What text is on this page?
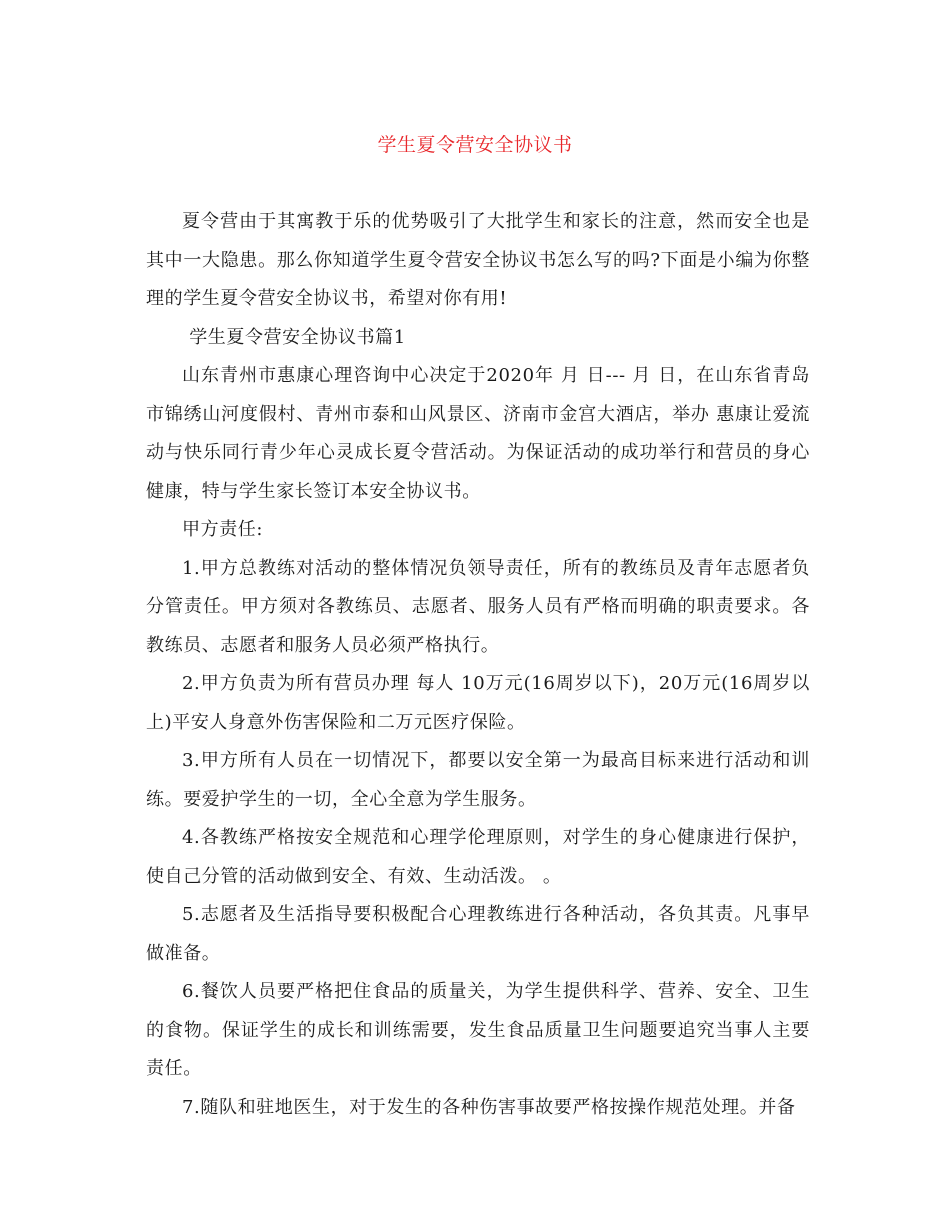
学生夏令营安全协议书

夏令营由于其寓教于乐的优势吸引了大批学生和家长的注意，然而安全也是其中一大隐患。那么你知道学生夏令营安全协议书怎么写的吗?下面是小编为你整理的学生夏令营安全协议书，希望对你有用!

学生夏令营安全协议书篇1

山东青州市惠康心理咨询中心决定于2020年 月 日--- 月 日，在山东省青岛市锦绣山河度假村、青州市泰和山风景区、济南市金宫大酒店，举办 惠康让爱流动与快乐同行青少年心灵成长夏令营活动。为保证活动的成功举行和营员的身心健康，特与学生家长签订本安全协议书。

甲方责任:

1.甲方总教练对活动的整体情况负领导责任，所有的教练员及青年志愿者负分管责任。甲方须对各教练员、志愿者、服务人员有严格而明确的职责要求。各教练员、志愿者和服务人员必须严格执行。

2.甲方负责为所有营员办理 每人 10万元(16周岁以下)，20万元(16周岁以上)平安人身意外伤害保险和二万元医疗保险。

3.甲方所有人员在一切情况下，都要以安全第一为最高目标来进行活动和训练。要爱护学生的一切，全心全意为学生服务。

4.各教练严格按安全规范和心理学伦理原则，对学生的身心健康进行保护，使自己分管的活动做到安全、有效、生动活泼。 。

5.志愿者及生活指导要积极配合心理教练进行各种活动，各负其责。凡事早做准备。

6.餐饮人员要严格把住食品的质量关，为学生提供科学、营养、安全、卫生的食物。保证学生的成长和训练需要，发生食品质量卫生问题要追究当事人主要责任。

7.随队和驻地医生，对于发生的各种伤害事故要严格按操作规范处理。并备
